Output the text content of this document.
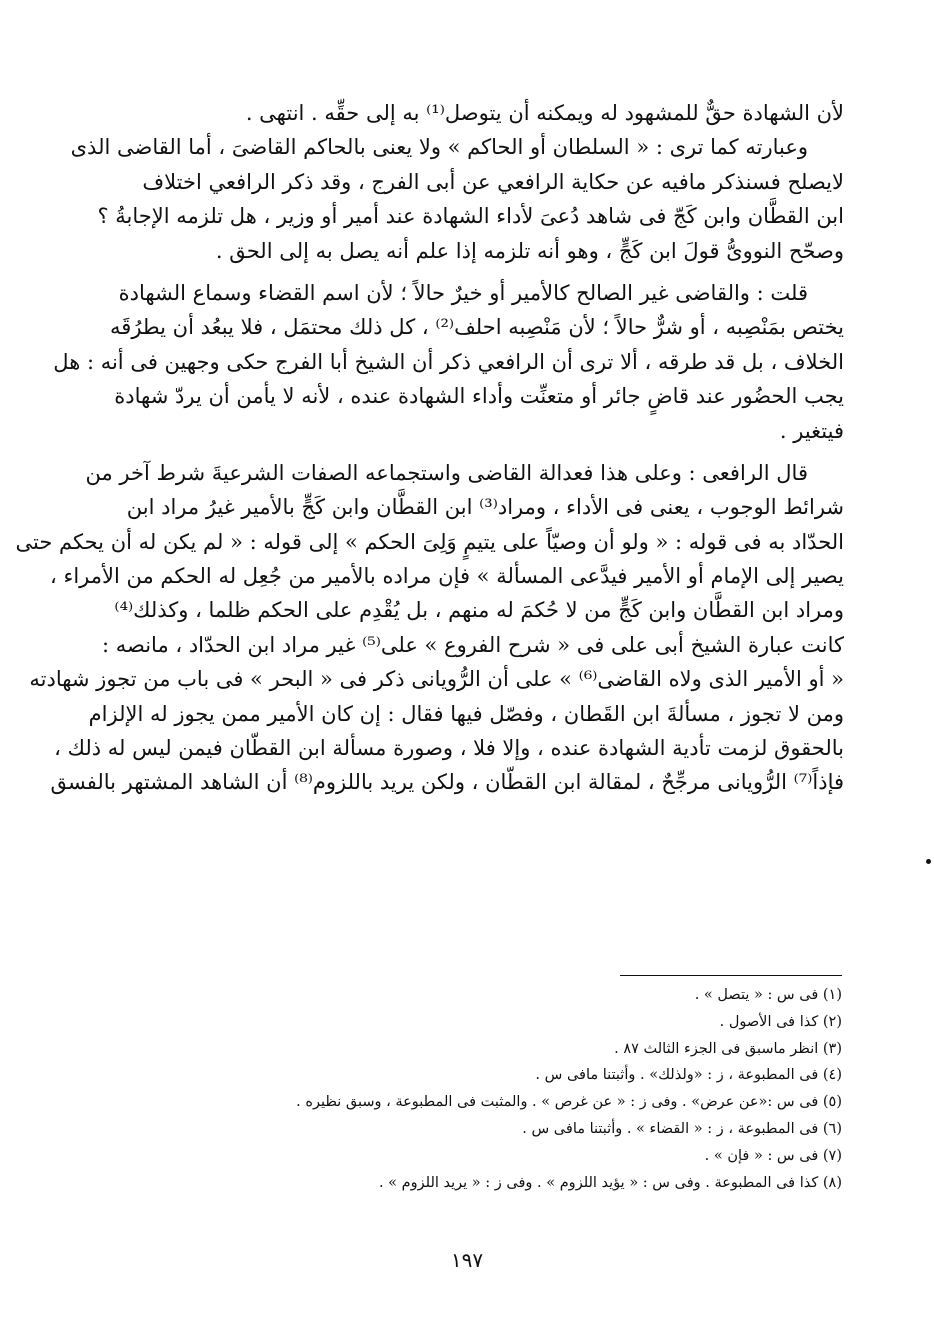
لأن الشهادة حقٌّ للمشهود له ويمكنه أن يتوصل⁽¹⁾ به إلى حقِّه . انتهى .
وعبارته كما ترى : « السلطان أو الحاكم » ولا يعنى بالحاكم القاضىَ ، أما القاضى الذى
لايصلح فسنذكر مافيه عن حكاية الرافعي عن أبى الفرج ، وقد ذكر الرافعي اختلاف
ابن القطَّان وابن كَجّ فى شاهد دُعىَ لأداء الشهادة عند أمير أو وزير ، هل تلزمه الإجابةُ ؟
وصحّح النووىُّ قولَ ابن كَجٍّ ، وهو أنه تلزمه إذا علم أنه يصل به إلى الحق .
قلت : والقاضى غير الصالح كالأمير أو خيرٌ حالاً ؛ لأن اسم القضاء وسماع الشهادة
يختص بمَنْصِبه ، أو شرٌّ حالاً ؛ لأن مَنْصِبه احلف⁽²⁾ ، كل ذلك محتمَل ، فلا يبعُد أن يطرُقَه
الخلاف ، بل قد طرقه ، ألا ترى أن الرافعي ذكر أن الشيخ أبا الفرج حكى وجهين فى أنه : هل
يجب الحضُور عند قاضٍ جائر أو متعنِّت وأداء الشهادة عنده ، لأنه لا يأمن أن يردّ شهادة
فيتغير .
قال الرافعى : وعلى هذا فعدالة القاضى واستجماعه الصفات الشرعيةَ شرط آخر من
شرائط الوجوب ، يعنى فى الأداء ، ومراد⁽³⁾ ابن القطَّان وابن كَجٍّ بالأمير غيرُ مراد ابن
الحدّاد به فى قوله : « ولو أن وصيّاً على يتيمٍ وَلِىَ الحكم » إلى قوله : « لم يكن له أن يحكم حتى
يصير إلى الإمام أو الأمير فيدَّعى المسألة » فإن مراده بالأمير من جُعِل له الحكم من الأمراء ،
ومراد ابن القطَّان وابن كَجٍّ من لا حُكمَ له منهم ، بل يُقْدِم على الحكم ظلما ، وكذلك⁽⁴⁾
كانت عبارة الشيخ أبى على فى « شرح الفروع » على⁽⁵⁾ غير مراد ابن الحدّاد ، مانصه :
« أو الأمير الذى ولاه القاضى⁽⁶⁾ » على أن الرُّويانى ذكر فى « البحر » فى باب من تجوز شهادته
ومن لا تجوز ، مسألةَ ابن القَطان ، وفصّل فيها فقال : إن كان الأمير ممن يجوز له الإلزام
بالحقوق لزمت تأدية الشهادة عنده ، وإلا فلا ، وصورة مسألة ابن القطّان فيمن ليس له ذلك ،
فإذاً⁽⁷⁾ الرُّويانى مرجِّحٌ ، لمقالة ابن القطّان ، ولكن يريد باللزوم⁽⁸⁾ أن الشاهد المشتهر بالفسق
(١) فى س : « يتصل » .
(٢) كذا فى الأصول .
(٣) انظر ماسبق فى الجزء الثالث ٨٧ .
(٤) فى المطبوعة ، ز : «ولذلك» . وأثبتنا مافى س .
(٥) فى س :«عن عرض» . وفى ز : « عن غرص » . والمثبت فى المطبوعة ، وسبق نظيره .
(٦) فى المطبوعة ، ز : « القضاء » . وأثبتنا مافى س .
(٧) فى س : « فإن » .
(٨) كذا فى المطبوعة . وفى س : « يؤيد اللزوم » . وفى ز : « يريد اللزوم » .
١٩٧
